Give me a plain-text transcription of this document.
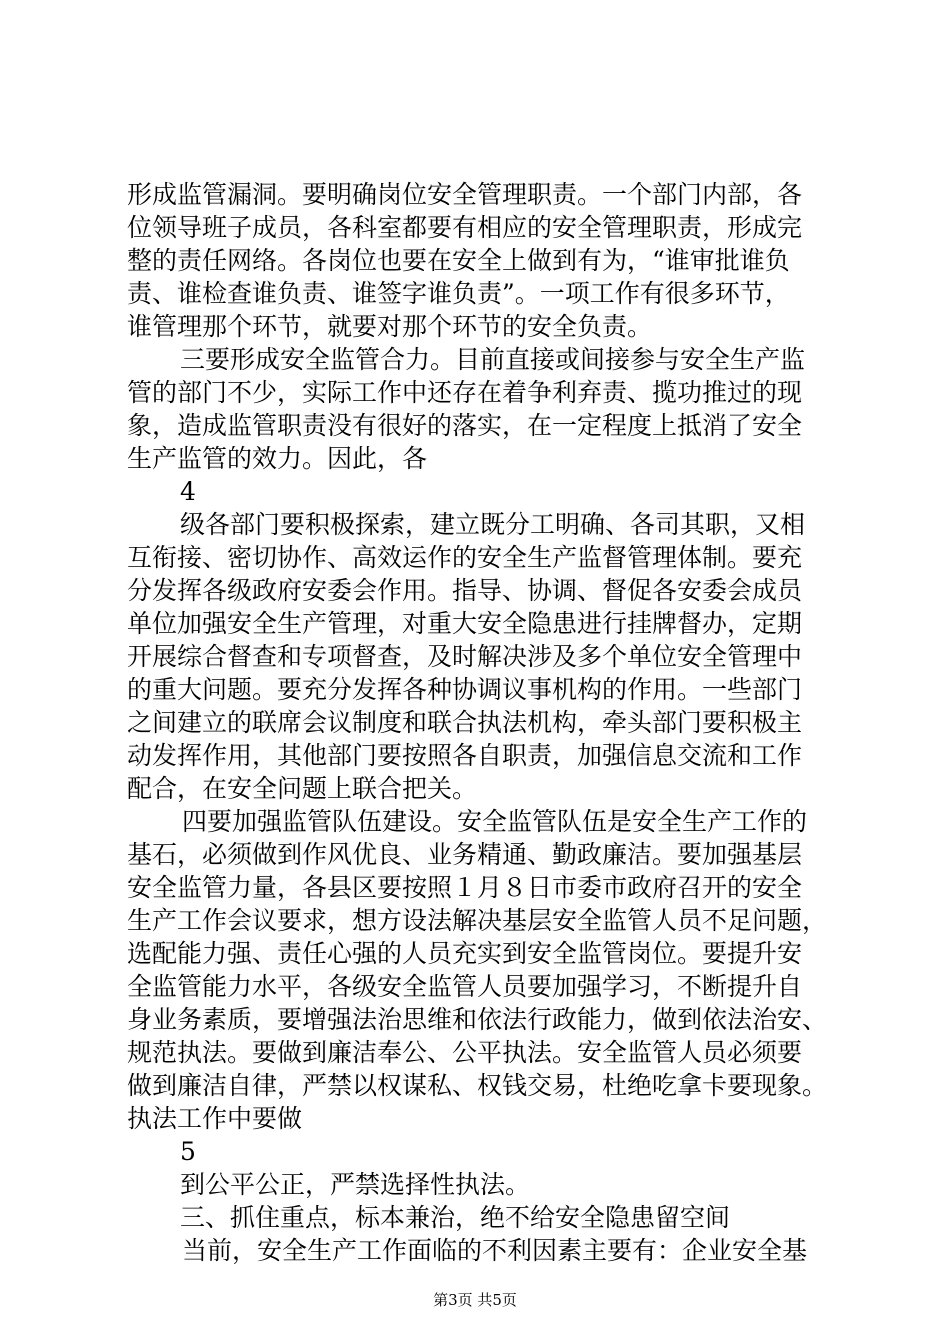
形成监管漏洞。要明确岗位安全管理职责。一个部门内部，各
位领导班子成员，各科室都要有相应的安全管理职责，形成完
整的责任网络。各岗位也要在安全上做到有为，“谁审批谁负
责、谁检查谁负责、谁签字谁负责”。一项工作有很多环节，
谁管理那个环节，就要对那个环节的安全负责。
三要形成安全监管合力。目前直接或间接参与安全生产监
管的部门不少，实际工作中还存在着争利弃责、揽功推过的现
象，造成监管职责没有很好的落实，在一定程度上抵消了安全
生产监管的效力。因此，各
4
级各部门要积极探索，建立既分工明确、各司其职，又相
互衔接、密切协作、高效运作的安全生产监督管理体制。要充
分发挥各级政府安委会作用。指导、协调、督促各安委会成员
单位加强安全生产管理，对重大安全隐患进行挂牌督办，定期
开展综合督查和专项督查，及时解决涉及多个单位安全管理中
的重大问题。要充分发挥各种协调议事机构的作用。一些部门
之间建立的联席会议制度和联合执法机构，牵头部门要积极主
动发挥作用，其他部门要按照各自职责，加强信息交流和工作
配合，在安全问题上联合把关。
四要加强监管队伍建设。安全监管队伍是安全生产工作的
基石，必须做到作风优良、业务精通、勤政廉洁。要加强基层
安全监管力量，各县区要按照１月８日市委市政府召开的安全
生产工作会议要求，想方设法解决基层安全监管人员不足问题，
选配能力强、责任心强的人员充实到安全监管岗位。要提升安
全监管能力水平，各级安全监管人员要加强学习，不断提升自
身业务素质，要增强法治思维和依法行政能力，做到依法治安、
规范执法。要做到廉洁奉公、公平执法。安全监管人员必须要
做到廉洁自律，严禁以权谋私、权钱交易，杜绝吃拿卡要现象。
执法工作中要做
5
到公平公正，严禁选择性执法。
三、抓住重点，标本兼治，绝不给安全隐患留空间
当前，安全生产工作面临的不利因素主要有：企业安全基
第3页 共5页
